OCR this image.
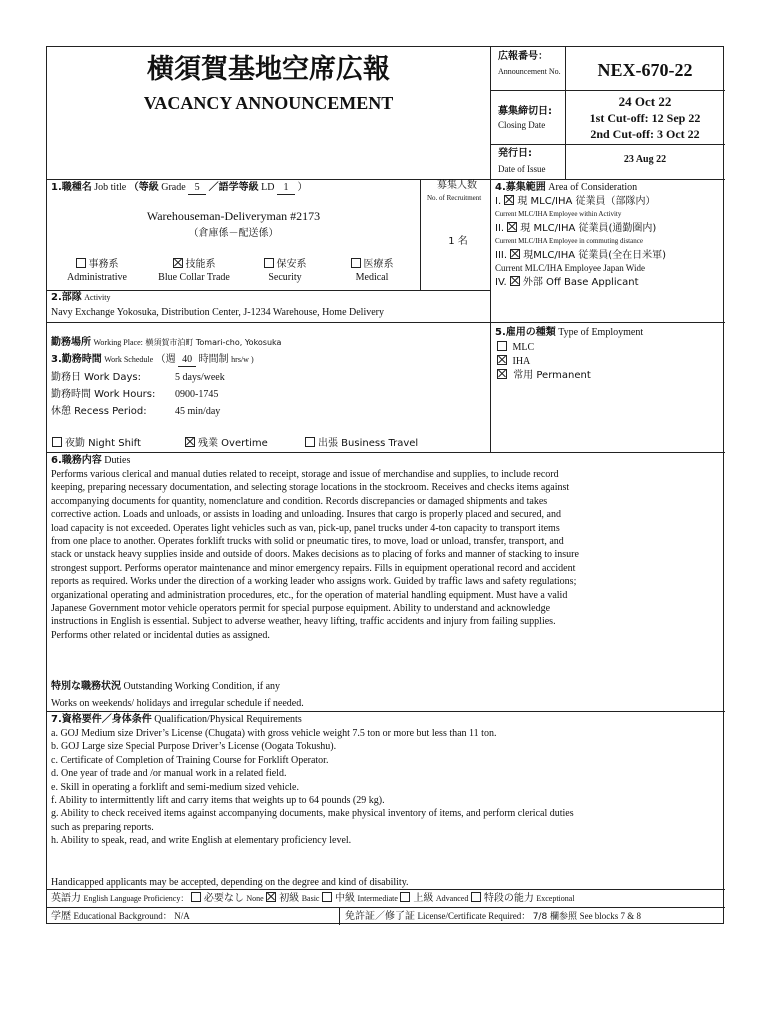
横須賀基地空席広報
VACANCY ANNOUNCEMENT
広報番号：
Announcement No.	NEX-670-22
募集締切日:
Closing Date
24 Oct 22
1st Cut-off: 12 Sep 22
2nd Cut-off: 3 Oct 22
発行日:
Date of Issue
23 Aug 22
1.職種名 Job title （等級 Grade 5 ／語学等級 LD 1 ）
Warehouseman-Deliveryman #2173
（倉庫係－配送係）
募集人数
No. of Recruitment
1 名
事務系
Administrative
技能系
Blue Collar Trade
保安系
Security
医療系
Medical
2.部隊 Activity
Navy Exchange Yokosuka, Distribution Center, J-1234 Warehouse, Home Delivery
勤務場所 Working Place: 横須賀市泊町 Tomari-cho, Yokosuka
3.勤務時間 Work Schedule （週 40 時間制 hrs/w )
勤務日 Work Days:	5 days/week
勤務時間 Work Hours:	0900-1745
休憩 Recess Period:	45 min/day
夜勤 Night Shift	残業 Overtime	出張 Business Travel
4.募集範囲 Area of Consideration
I. 現 MLC/IHA 従業員（部隊内）
Current MLC/IHA Employee within Activity
II. 現 MLC/IHA 従業員(通勤圏内)
Current MLC/IHA Employee in commuting distance
III. 現MLC/IHA 従業員(全在日米軍)
Current MLC/IHA Employee Japan Wide
IV. 外部 Off Base Applicant
5.雇用の種類 Type of Employment
MLC
IHA
常用 Permanent
6.職務内容 Duties
Performs various clerical and manual duties related to receipt, storage and issue of merchandise and supplies, to include record
keeping, preparing necessary documentation, and selecting storage locations in the stockroom. Receives and checks items against
accompanying documents for quantity, nomenclature and condition. Records discrepancies or damaged shipments and takes
corrective action. Loads and unloads, or assists in loading and unloading. Insures that cargo is properly placed and secured, and
load capacity is not exceeded. Operates light vehicles such as van, pick-up, panel trucks under 4-ton capacity to transport items
from one place to another. Operates forklift trucks with solid or pneumatic tires, to move, load or unload, transfer, transport, and
stack or unstack heavy supplies inside and outside of doors. Makes decisions as to placing of forks and manner of stacking to insure
strongest support. Performs operator maintenance and minor emergency repairs. Fills in equipment operational record and accident
reports as required. Works under the direction of a working leader who assigns work. Guided by traffic laws and safety regulations;
organizational operating and administration procedures, etc., for the operation of material handling equipment. Must have a valid
Japanese Government motor vehicle operators permit for special purpose equipment. Ability to understand and acknowledge
instructions in English is essential. Subject to adverse weather, heavy lifting, traffic accidents and injury from failing supplies.
Performs other related or incidental duties as assigned.
特別な職務状況 Outstanding Working Condition, if any
Works on weekends/ holidays and irregular schedule if needed.
7.資格要件／身体条件 Qualification/Physical Requirements
a. GOJ Medium size Driver’s License (Chugata) with gross vehicle weight 7.5 ton or more but less than 11 ton.
b. GOJ Large size Special Purpose Driver’s License (Oogata Tokushu).
c. Certificate of Completion of Training Course for Forklift Operator.
d. One year of trade and /or manual work in a related field.
e. Skill in operating a forklift and semi-medium sized vehicle.
f. Ability to intermittently lift and carry items that weights up to 64 pounds (29 kg).
g. Ability to check received items against accompanying documents, make physical inventory of items, and perform clerical duties
such as preparing reports.
h. Ability to speak, read, and write English at elementary proficiency level.
Handicapped applicants may be accepted, depending on the degree and kind of disability.
英語力 English Language Proficiency： 必要なし None 初級 Basic 中級 Intermediate 上級 Advanced 特段の能力 Exceptional
学歴 Educational Background： N/A	免許証／修了証 License/Certificate Required： 7/8 欄参照 See blocks 7 & 8
